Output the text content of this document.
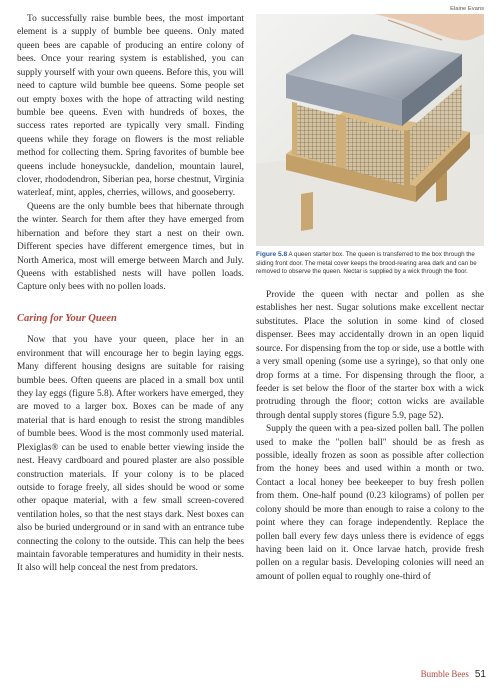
Elaine Evans

To successfully raise bumble bees, the most important element is a supply of bumble bee queens. Only mated queen bees are capable of producing an entire colony of bees. Once your rearing system is established, you can supply yourself with your own queens. Before this, you will need to capture wild bumble bee queens. Some people set out empty boxes with the hope of attracting wild nesting bumble bee queens. Even with hundreds of boxes, the success rates reported are typically very small. Finding queens while they forage on flowers is the most reliable method for collecting them. Spring favorites of bumble bee queens include honeysuckle, dandelion, mountain laurel, clover, rhododendron, Siberian pea, horse chestnut, Virginia waterleaf, mint, apples, cherries, willows, and gooseberry.

Queens are the only bumble bees that hibernate through the winter. Search for them after they have emerged from hibernation and before they start a nest on their own. Different species have different emergence times, but in North America, most will emerge between March and July. Queens with established nests will have pollen loads. Capture only bees with no pollen loads.

Caring for Your Queen

Now that you have your queen, place her in an environment that will encourage her to begin laying eggs. Many different housing designs are suitable for raising bumble bees. Often queens are placed in a small box until they lay eggs (figure 5.8). After workers have emerged, they are moved to a larger box. Boxes can be made of any material that is hard enough to resist the strong mandibles of bumble bees. Wood is the most commonly used material. Plexiglas® can be used to enable better viewing inside the nest. Heavy cardboard and poured plaster are also possible construction materials. If your colony is to be placed outside to forage freely, all sides should be wood or some other opaque material, with a few small screen-covered ventilation holes, so that the nest stays dark. Nest boxes can also be buried underground or in sand with an entrance tube connecting the colony to the outside. This can help the bees maintain favorable temperatures and humidity in their nests. It also will help conceal the nest from predators.

Figure 5.8 A queen starter box. The queen is transferred to the box through the sliding front door. The metal cover keeps the brood-rearing area dark and can be removed to observe the queen. Nectar is supplied by a wick through the floor.

Provide the queen with nectar and pollen as she establishes her nest. Sugar solutions make excellent nectar substitutes. Place the solution in some kind of closed dispenser. Bees may accidentally drown in an open liquid source. For dispensing from the top or side, use a bottle with a very small opening (some use a syringe), so that only one drop forms at a time. For dispensing through the floor, a feeder is set below the floor of the starter box with a wick protruding through the floor; cotton wicks are available through dental supply stores (figure 5.9, page 52).

Supply the queen with a pea-sized pollen ball. The pollen used to make the "pollen ball" should be as fresh as possible, ideally frozen as soon as possible after collection from the honey bees and used within a month or two. Contact a local honey bee beekeeper to buy fresh pollen from them. One-half pound (0.23 kilograms) of pollen per colony should be more than enough to raise a colony to the point where they can forage independently. Replace the pollen ball every few days unless there is evidence of eggs having been laid on it. Once larvae hatch, provide fresh pollen on a regular basis. Developing colonies will need an amount of pollen equal to roughly one-third of

Bumble Bees 51
